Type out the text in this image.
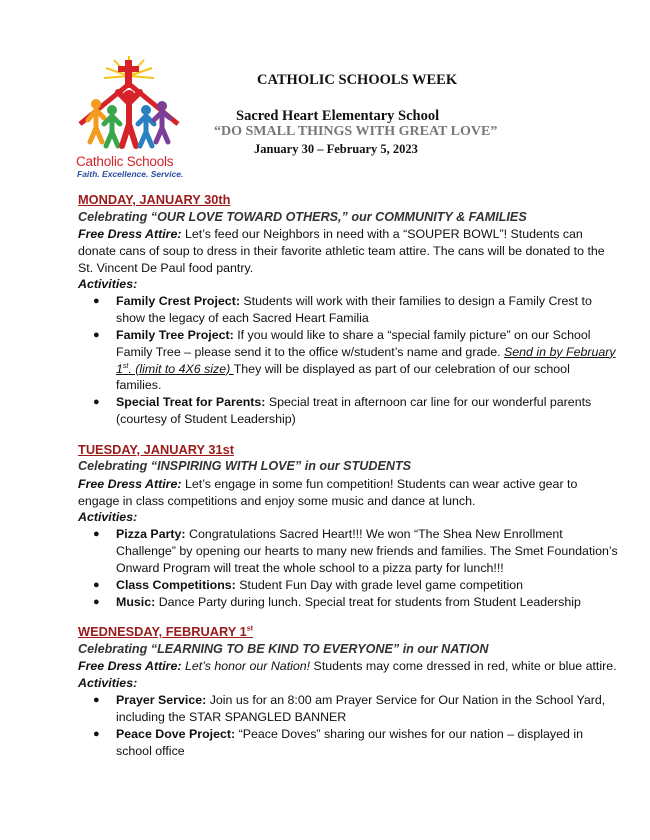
Catholic Schools
Faith. Excellence. Service.
CATHOLIC SCHOOLS WEEK
Sacred Heart Elementary School
“DO SMALL THINGS WITH GREAT LOVE”
January 30 – February 5, 2023
MONDAY, JANUARY 30th
Celebrating “OUR LOVE TOWARD OTHERS,” our COMMUNITY & FAMILIES
Free Dress Attire: Let’s feed our Neighbors in need with a “SOUPER BOWL”! Students can donate cans of soup to dress in their favorite athletic team attire. The cans will be donated to the St. Vincent De Paul food pantry.
Activities:
● Family Crest Project: Students will work with their families to design a Family Crest to show the legacy of each Sacred Heart Familia
● Family Tree Project: If you would like to share a “special family picture” on our School Family Tree – please send it to the office w/student’s name and grade. Send in by February 1st. (limit to 4X6 size) They will be displayed as part of our celebration of our school families.
● Special Treat for Parents: Special treat in afternoon car line for our wonderful parents (courtesy of Student Leadership)
TUESDAY, JANUARY 31st
Celebrating “INSPIRING WITH LOVE” in our STUDENTS
Free Dress Attire: Let’s engage in some fun competition! Students can wear active gear to engage in class competitions and enjoy some music and dance at lunch.
Activities:
● Pizza Party: Congratulations Sacred Heart!!! We won “The Shea New Enrollment Challenge” by opening our hearts to many new friends and families. The Smet Foundation’s Onward Program will treat the whole school to a pizza party for lunch!!!
● Class Competitions: Student Fun Day with grade level game competition
● Music: Dance Party during lunch. Special treat for students from Student Leadership
WEDNESDAY, FEBRUARY 1st
Celebrating “LEARNING TO BE KIND TO EVERYONE” in our NATION
Free Dress Attire: Let’s honor our Nation! Students may come dressed in red, white or blue attire.
Activities:
● Prayer Service: Join us for an 8:00 am Prayer Service for Our Nation in the School Yard, including the STAR SPANGLED BANNER
● Peace Dove Project: “Peace Doves” sharing our wishes for our nation – displayed in school office
